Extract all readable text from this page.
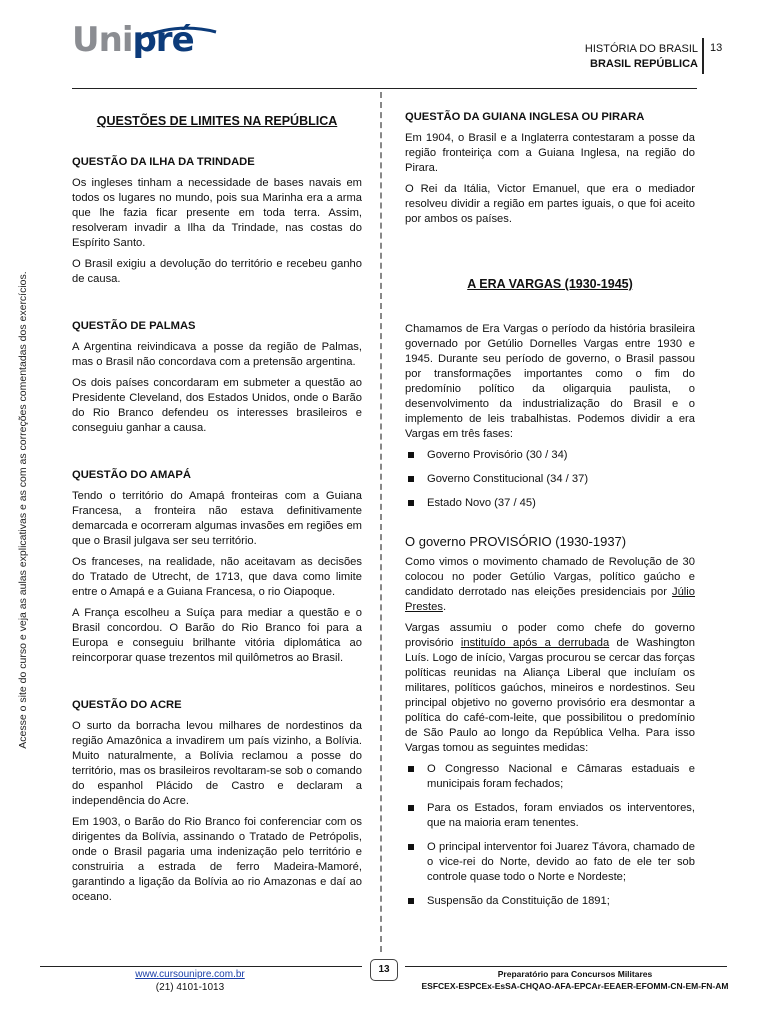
Unipré	HISTÓRIA DO BRASIL
BRASIL REPÚBLICA
13
Acesse o site do curso e veja as aulas explicativas e as com as correções comentadas dos exercícios.
QUESTÕES DE LIMITES NA REPÚBLICA
QUESTÃO DA ILHA DA TRINDADE

Os ingleses tinham a necessidade de bases navais em todos os lugares no mundo, pois sua Marinha era a arma que lhe fazia ficar presente em toda terra. Assim, resolveram invadir a Ilha da Trindade, nas costas do Espírito Santo.

O Brasil exigiu a devolução do território e recebeu ganho de causa.

QUESTÃO DE PALMAS

A Argentina reivindicava a posse da região de Palmas, mas o Brasil não concordava com a pretensão argentina.

Os dois países concordaram em submeter a questão ao Presidente Cleveland, dos Estados Unidos, onde o Barão do Rio Branco defendeu os interesses brasileiros e conseguiu ganhar a causa.

QUESTÃO DO AMAPÁ

Tendo o território do Amapá fronteiras com a Guiana Francesa, a fronteira não estava definitivamente demarcada e ocorreram algumas invasões em regiões em que o Brasil julgava ser seu território.

Os franceses, na realidade, não aceitavam as decisões do Tratado de Utrecht, de 1713, que dava como limite entre o Amapá e a Guiana Francesa, o rio Oiapoque.

A França escolheu a Suíça para mediar a questão e o Brasil concordou. O Barão do Rio Branco foi para a Europa e conseguiu brilhante vitória diplomática ao reincorporar quase trezentos mil quilômetros ao Brasil.

QUESTÃO DO ACRE

O surto da borracha levou milhares de nordestinos da região Amazônica a invadirem um país vizinho, a Bolívia. Muito naturalmente, a Bolívia reclamou a posse do território, mas os brasileiros revoltaram-se sob o comando do espanhol Plácido de Castro e declaram a independência do Acre.

Em 1903, o Barão do Rio Branco foi conferenciar com os dirigentes da Bolívia, assinando o Tratado de Petrópolis, onde o Brasil pagaria uma indenização pelo território e construiria a estrada de ferro Madeira-Mamoré, garantindo a ligação da Bolívia ao rio Amazonas e daí ao oceano.

QUESTÃO DA GUIANA INGLESA OU PIRARA

Em 1904, o Brasil e a Inglaterra contestaram a posse da região fronteiriça com a Guiana Inglesa, na região do Pirara.

O Rei da Itália, Victor Emanuel, que era o mediador resolveu dividir a região em partes iguais, o que foi aceito por ambos os países.

A ERA VARGAS (1930-1945)

Chamamos de Era Vargas o período da história brasileira governado por Getúlio Dornelles Vargas entre 1930 e 1945. Durante seu período de governo, o Brasil passou por transformações importantes como o fim do predomínio político da oligarquia paulista, o desenvolvimento da industrialização do Brasil e o implemento de leis trabalhistas. Podemos dividir a era Vargas em três fases:

Governo Provisório (30 / 34)
Governo Constitucional (34 / 37)
Estado Novo (37 / 45)
O governo PROVISÓRIO (1930-1937)

Como vimos o movimento chamado de Revolução de 30 colocou no poder Getúlio Vargas, político gaúcho e candidato derrotado nas eleições presidenciais por Júlio Prestes.

Vargas assumiu o poder como chefe do governo provisório instituído após a derrubada de Washington Luís. Logo de início, Vargas procurou se cercar das forças políticas reunidas na Aliança Liberal que incluíam os militares, políticos gaúchos, mineiros e nordestinos. Seu principal objetivo no governo provisório era desmontar a política do café-com-leite, que possibilitou o predomínio de São Paulo ao longo da República Velha. Para isso Vargas tomou as seguintes medidas:

O Congresso Nacional e Câmaras estaduais e municipais foram fechados;
Para os Estados, foram enviados os interventores, que na maioria eram tenentes.
O principal interventor foi Juarez Távora, chamado de o vice-rei do Norte, devido ao fato de ele ter sob controle quase todo o Norte e Nordeste;
Suspensão da Constituição de 1891;
13
www.cursounipre.com.br
(21) 4101-1013
Preparatório para Concursos Militares
ESFCEX-ESPCEx-EsSA-CHQAO-AFA-EPCAr-EEAER-EFOMM-CN-EM-FN-AM
